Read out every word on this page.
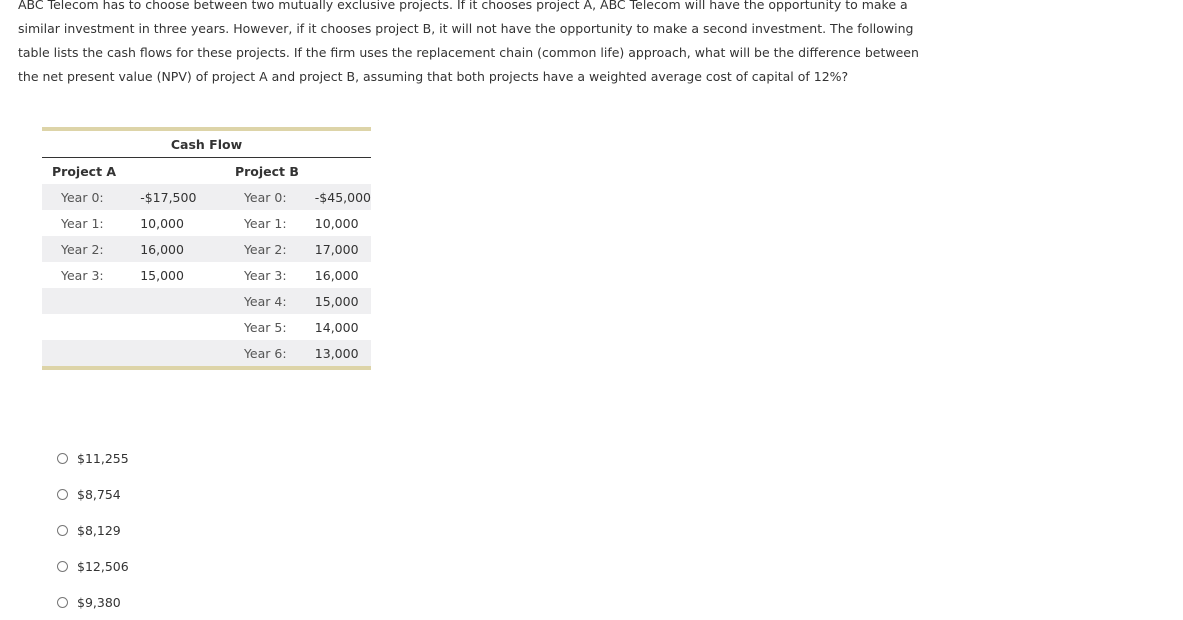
ABC Telecom has to choose between two mutually exclusive projects. If it chooses project A, ABC Telecom will have the opportunity to make a similar investment in three years. However, if it chooses project B, it will not have the opportunity to make a second investment. The following table lists the cash flows for these projects. If the firm uses the replacement chain (common life) approach, what will be the difference between the net present value (NPV) of project A and project B, assuming that both projects have a weighted average cost of capital of 12%?

Cash Flow			
Project A		Project B	
Year 0:	-$17,500	Year 0:	-$45,000
Year 1:	10,000	Year 1:	10,000
Year 2:	16,000	Year 2:	17,000
Year 3:	15,000	Year 3:	16,000
		Year 4:	15,000
		Year 5:	14,000
		Year 6:	13,000
$11,255
$8,754
$8,129
$12,506
$9,380
